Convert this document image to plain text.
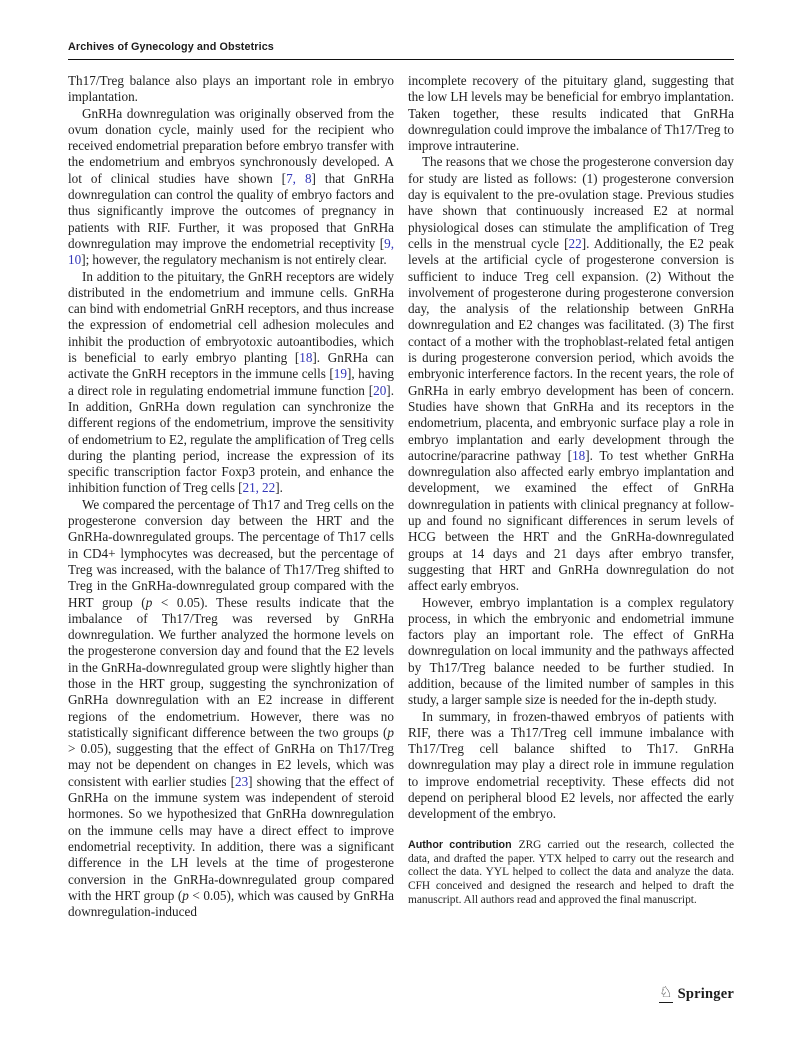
Archives of Gynecology and Obstetrics

Th17/Treg balance also plays an important role in embryo implantation.

GnRHa downregulation was originally observed from the ovum donation cycle, mainly used for the recipient who received endometrial preparation before embryo transfer with the endometrium and embryos synchronously developed. A lot of clinical studies have shown [7, 8] that GnRHa downregulation can control the quality of embryo factors and thus significantly improve the outcomes of pregnancy in patients with RIF. Further, it was proposed that GnRHa downregulation may improve the endometrial receptivity [9, 10]; however, the regulatory mechanism is not entirely clear.

In addition to the pituitary, the GnRH receptors are widely distributed in the endometrium and immune cells. GnRHa can bind with endometrial GnRH receptors, and thus increase the expression of endometrial cell adhesion molecules and inhibit the production of embryotoxic autoantibodies, which is beneficial to early embryo planting [18]. GnRHa can activate the GnRH receptors in the immune cells [19], having a direct role in regulating endometrial immune function [20]. In addition, GnRHa down regulation can synchronize the different regions of the endometrium, improve the sensitivity of endometrium to E2, regulate the amplification of Treg cells during the planting period, increase the expression of its specific transcription factor Foxp3 protein, and enhance the inhibition function of Treg cells [21, 22].

We compared the percentage of Th17 and Treg cells on the progesterone conversion day between the HRT and the GnRHa-downregulated groups. The percentage of Th17 cells in CD4+ lymphocytes was decreased, but the percentage of Treg was increased, with the balance of Th17/Treg shifted to Treg in the GnRHa-downregulated group compared with the HRT group (p < 0.05). These results indicate that the imbalance of Th17/Treg was reversed by GnRHa downregulation. We further analyzed the hormone levels on the progesterone conversion day and found that the E2 levels in the GnRHa-downregulated group were slightly higher than those in the HRT group, suggesting the synchronization of GnRHa downregulation with an E2 increase in different regions of the endometrium. However, there was no statistically significant difference between the two groups (p > 0.05), suggesting that the effect of GnRHa on Th17/Treg may not be dependent on changes in E2 levels, which was consistent with earlier studies [23] showing that the effect of GnRHa on the immune system was independent of steroid hormones. So we hypothesized that GnRHa downregulation on the immune cells may have a direct effect to improve endometrial receptivity. In addition, there was a significant difference in the LH levels at the time of progesterone conversion in the GnRHa-downregulated group compared with the HRT group (p < 0.05), which was caused by GnRHa downregulation-induced

incomplete recovery of the pituitary gland, suggesting that the low LH levels may be beneficial for embryo implantation. Taken together, these results indicated that GnRHa downregulation could improve the imbalance of Th17/Treg to improve intrauterine.

The reasons that we chose the progesterone conversion day for study are listed as follows: (1) progesterone conversion day is equivalent to the pre-ovulation stage. Previous studies have shown that continuously increased E2 at normal physiological doses can stimulate the amplification of Treg cells in the menstrual cycle [22]. Additionally, the E2 peak levels at the artificial cycle of progesterone conversion is sufficient to induce Treg cell expansion. (2) Without the involvement of progesterone during progesterone conversion day, the analysis of the relationship between GnRHa downregulation and E2 changes was facilitated. (3) The first contact of a mother with the trophoblast-related fetal antigen is during progesterone conversion period, which avoids the embryonic interference factors. In the recent years, the role of GnRHa in early embryo development has been of concern. Studies have shown that GnRHa and its receptors in the endometrium, placenta, and embryonic surface play a role in embryo implantation and early development through the autocrine/paracrine pathway [18]. To test whether GnRHa downregulation also affected early embryo implantation and development, we examined the effect of GnRHa downregulation in patients with clinical pregnancy at follow-up and found no significant differences in serum levels of HCG between the HRT and the GnRHa-downregulated groups at 14 days and 21 days after embryo transfer, suggesting that HRT and GnRHa downregulation do not affect early embryos.

However, embryo implantation is a complex regulatory process, in which the embryonic and endometrial immune factors play an important role. The effect of GnRHa downregulation on local immunity and the pathways affected by Th17/Treg balance needed to be further studied. In addition, because of the limited number of samples in this study, a larger sample size is needed for the in-depth study.

In summary, in frozen-thawed embryos of patients with RIF, there was a Th17/Treg cell immune imbalance with Th17/Treg cell balance shifted to Th17. GnRHa downregulation may play a direct role in immune regulation to improve endometrial receptivity. These effects did not depend on peripheral blood E2 levels, nor affected the early development of the embryo.

Author contribution ZRG carried out the research, collected the data, and drafted the paper. YTX helped to carry out the research and collect the data. YYL helped to collect the data and analyze the data. CFH conceived and designed the research and helped to draft the manuscript. All authors read and approved the final manuscript.

♘ Springer
